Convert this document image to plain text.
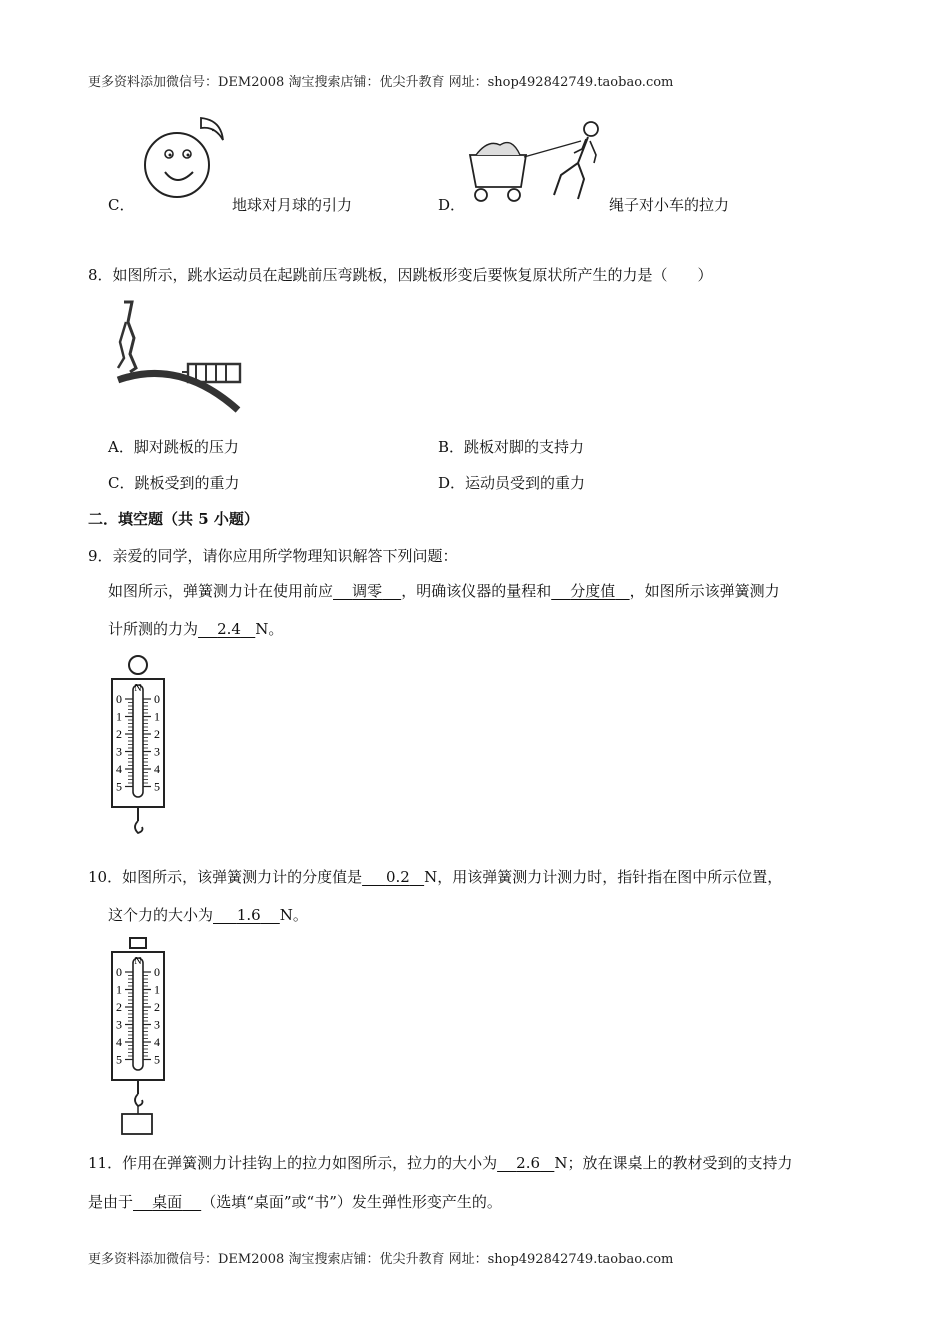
更多资料添加微信号：DEM2008 淘宝搜索店铺：优尖升教育 网址：shop492842749.taobao.com
C．	地球对月球的引力	D．	绳子对小车的拉力
8．如图所示，跳水运动员在起跳前压弯跳板，因跳板形变后要恢复原状所产生的力是（　　）
A．脚对跳板的压力	B．跳板对脚的支持力
C．跳板受到的重力	D．运动员受到的重力
二．填空题（共 5 小题）
9．亲爱的同学，请你应用所学物理知识解答下列问题：
如图所示，弹簧测力计在使用前应 调零 ，明确该仪器的量程和 分度值 ，如图所示该弹簧测力
计所测的力为 2.4 N。
N
0	0
1	1
2	2
3	3
4	4
5	5
10．如图所示，该弹簧测力计的分度值是 0.2 N，用该弹簧测力计测力时，指针指在图中所示位置，
这个力的大小为 1.6 N。
N
0	0
1	1
2	2
3	3
4	4
5	5
11．作用在弹簧测力计挂钩上的拉力如图所示，拉力的大小为 2.6 N；放在课桌上的教材受到的支持力
是由于 桌面 （选填“桌面”或“书”）发生弹性形变产生的。
更多资料添加微信号：DEM2008 淘宝搜索店铺：优尖升教育 网址：shop492842749.taobao.com
